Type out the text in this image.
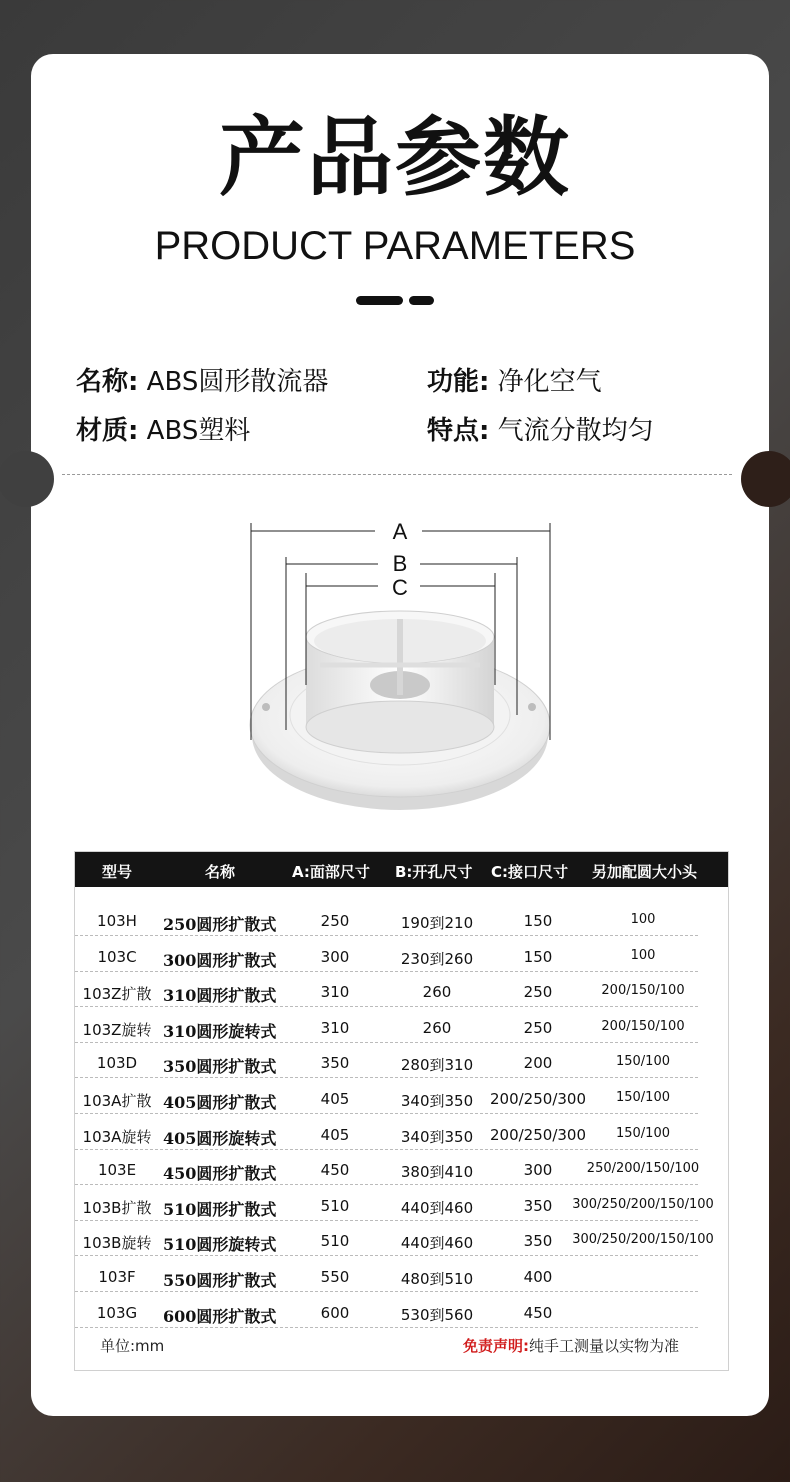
产品参数
PRODUCT PARAMETERS
名称: ABS圆形散流器	功能: 净化空气
材质: ABS塑料	特点: 气流分散均匀
A
B
C
型号	名称	A:面部尺寸 B:开孔尺寸 C:接口尺寸 另加配圆大小头
103H 250圆形扩散式	250	190到210	150	100
103C 300圆形扩散式	300	230到260	150	100
103Z扩散 310圆形扩散式	310	260	250	200/150/100
103Z旋转 310圆形旋转式	310	260	250	200/150/100
103D 350圆形扩散式	350	280到310	200	150/100
103A扩散 405圆形扩散式	405	340到350 200/250/300 150/100
103A旋转 405圆形旋转式	405	340到350 200/250/300 150/100
103E 450圆形扩散式	450	380到410	300	250/200/150/100
103B扩散 510圆形扩散式	510	440到460	350 300/250/200/150/100
103B旋转 510圆形旋转式	510	440到460	350 300/250/200/150/100
103F 550圆形扩散式	550	480到510	400
103G 600圆形扩散式	600	530到560	450
单位:mm	免责声明:纯手工测量以实物为准
